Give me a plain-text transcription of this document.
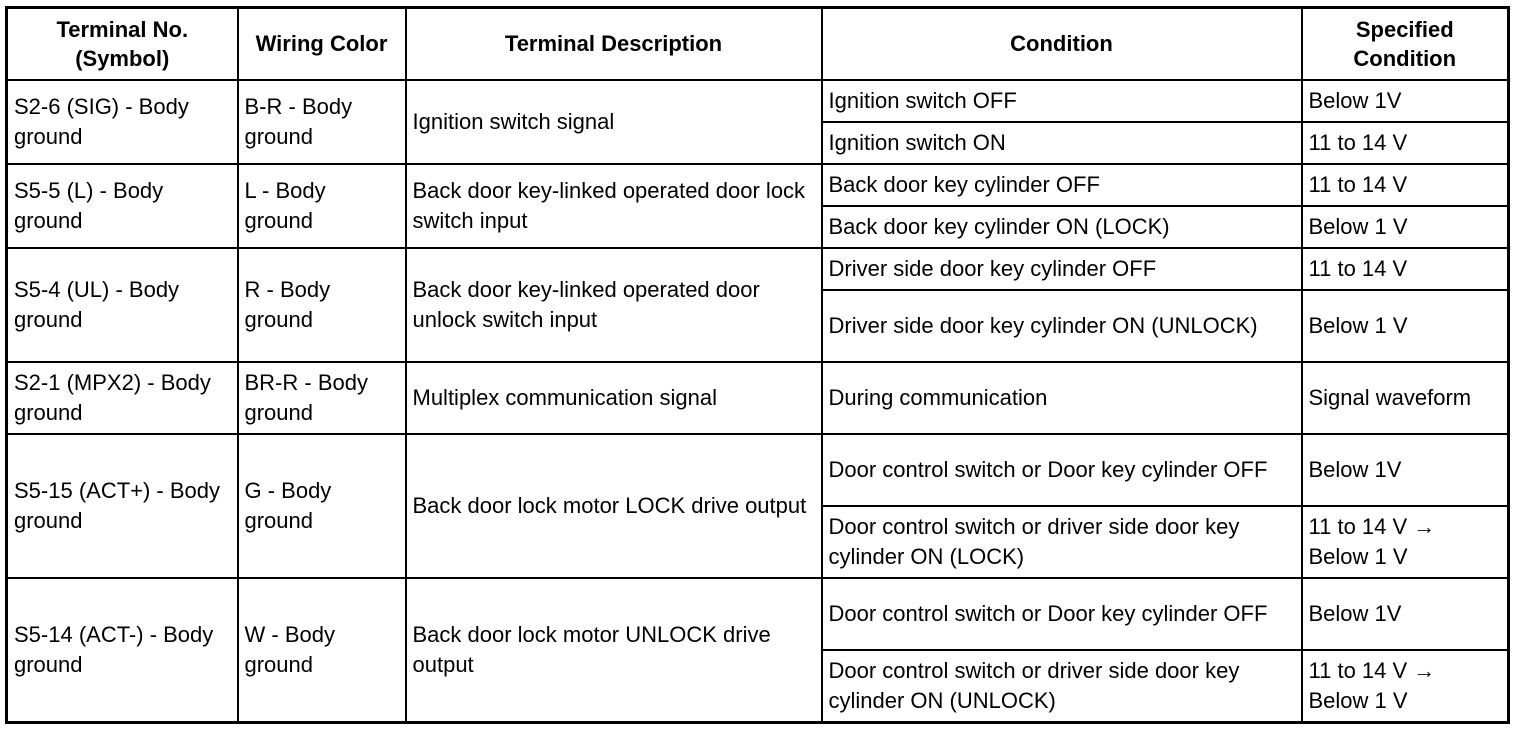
Terminal No. (Symbol)	Wiring Color	Terminal Description	Condition	Specified Condition
S2-6 (SIG) - Body ground	B-R - Body ground	Ignition switch signal	Ignition switch OFF	Below 1V
			Ignition switch ON	11 to 14 V
S5-5 (L) - Body ground	L - Body ground	Back door key-linked operated door lock switch input	Back door key cylinder OFF	11 to 14 V
			Back door key cylinder ON (LOCK)	Below 1 V
S5-4 (UL) - Body ground	R - Body ground	Back door key-linked operated door unlock switch input	Driver side door key cylinder OFF	11 to 14 V
			Driver side door key cylinder ON (UNLOCK)	Below 1 V
S2-1 (MPX2) - Body ground	BR-R - Body ground	Multiplex communication signal	During communication	Signal waveform
S5-15 (ACT+) - Body ground	G - Body ground	Back door lock motor LOCK drive output	Door control switch or Door key cylinder OFF	Below 1V
			Door control switch or driver side door key cylinder ON (LOCK)	11 to 14 V → Below 1 V
S5-14 (ACT-) - Body ground	W - Body ground	Back door lock motor UNLOCK drive output	Door control switch or Door key cylinder OFF	Below 1V
			Door control switch or driver side door key cylinder ON (UNLOCK)	11 to 14 V → Below 1 V
